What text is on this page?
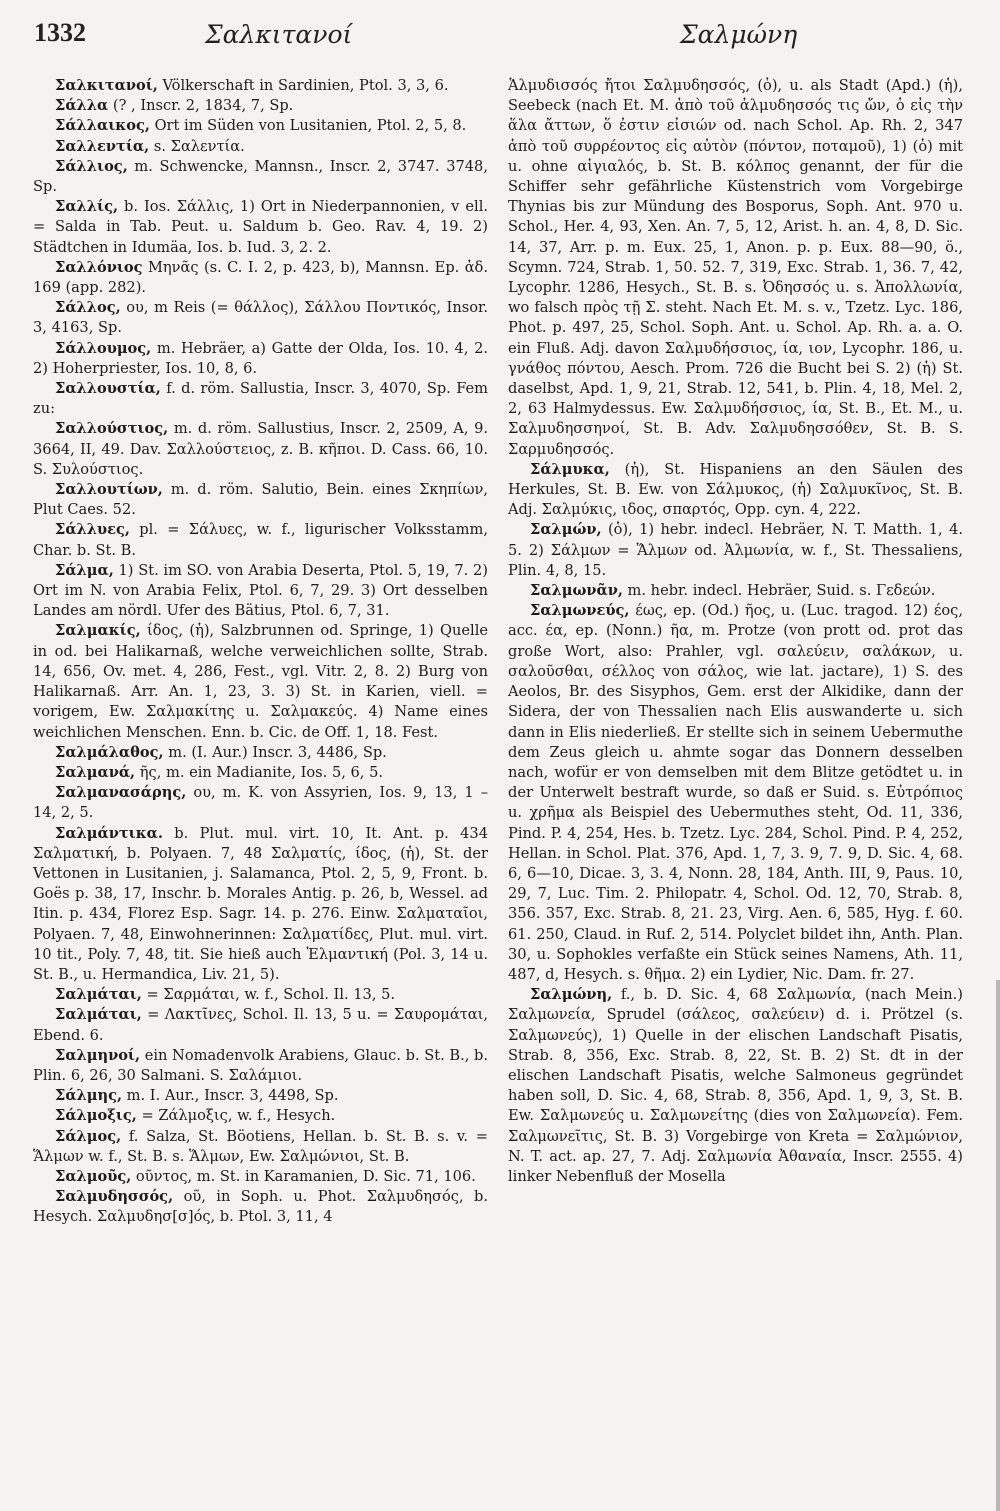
1332	Σαλκιτανοί	Σαλμώνη

Σαλκιτανοί, Völkerschaft in Sardinien, Ptol. 3, 3, 6.

Σάλλα (? , Inscr. 2, 1834, 7, Sp.

Σάλλαικος, Ort im Süden von Lusitanien, Ptol. 2, 5, 8.

Σαλλεντία, s. Σαλεντία.

Σάλλιος, m. Schwencke, Mannsn., Inscr. 2, 3747. 3748, Sp.

Σαλλίς, b. Ios. Σάλλις, 1) Ort in Niederpannonien, v ell. = Salda in Tab. Peut. u. Saldum b. Geo. Rav. 4, 19. 2) Städtchen in Idumäa, Ios. b. Iud. 3, 2. 2.

Σαλλόνιος Μηνᾶς (s. C. I. 2, p. 423, b), Mannsn. Ep. ἀδ. 169 (app. 282).

Σάλλος, ου, m Reis (= θάλλος), Σάλλου Ποντικός, Insor. 3, 4163, Sp.

Σάλλουμος, m. Hebräer, a) Gatte der Olda, Ios. 10. 4, 2. 2) Hoherpriester, Ios. 10, 8, 6.

Σαλλουστία, f. d. röm. Sallustia, Inscr. 3, 4070, Sp. Fem zu:

Σαλλούστιος, m. d. röm. Sallustius, Inscr. 2, 2509, A, 9. 3664, II, 49. Dav. Σαλλούστειος, z. B. κῆποι. D. Cass. 66, 10. S. Συλούστιος.

Σαλλουτίων, m. d. röm. Salutio, Bein. eines Σκηπίων, Plut Caes. 52.

Σάλλυες, pl. = Σάλυες, w. f., ligurischer Volksstamm, Char. b. St. B.

Σάλμα, 1) St. im SO. von Arabia Deserta, Ptol. 5, 19, 7. 2) Ort im N. von Arabia Felix, Ptol. 6, 7, 29. 3) Ort desselben Landes am nördl. Ufer des Bätius, Ptol. 6, 7, 31.

Σαλμακίς, ίδος, (ἡ), Salzbrunnen od. Springe, 1) Quelle in od. bei Halikarnaß, welche verweichlichen sollte, Strab. 14, 656, Ov. met. 4, 286, Fest., vgl. Vitr. 2, 8. 2) Burg von Halikarnaß. Arr. An. 1, 23, 3. 3) St. in Karien, viell. = vorigem, Ew. Σαλμακίτης u. Σαλμακεύς. 4) Name eines weichlichen Menschen. Enn. b. Cic. de Off. 1, 18. Fest.

Σαλμάλαθος, m. (I. Aur.) Inscr. 3, 4486, Sp.

Σαλμανά, ῆς, m. ein Madianite, Ios. 5, 6, 5.

Σαλμανασάρης, ου, m. K. von Assyrien, Ios. 9, 13, 1 – 14, 2, 5.

Σαλμάντικα. b. Plut. mul. virt. 10, It. Ant. p. 434 Σαλματική, b. Polyaen. 7, 48 Σαλματίς, ίδος, (ἡ), St. der Vettonen in Lusitanien, j. Salamanca, Ptol. 2, 5, 9, Front. b. Goës p. 38, 17, Inschr. b. Morales Antig. p. 26, b, Wessel. ad Itin. p. 434, Florez Esp. Sagr. 14. p. 276. Einw. Σαλματαῖοι, Polyaen. 7, 48, Einwohnerinnen: Σαλματίδες, Plut. mul. virt. 10 tit., Poly. 7, 48, tit. Sie hieß auch Ἑλμαντική (Pol. 3, 14 u. St. B., u. Hermandica, Liv. 21, 5).

Σαλμάται, = Σαρμάται, w. f., Schol. Il. 13, 5.

Σαλμάται, = Λακτῖνες, Schol. Il. 13, 5 u. = Σαυρομάται, Ebend. 6.

Σαλμηνοί, ein Nomadenvolk Arabiens, Glauc. b. St. B., b. Plin. 6, 26, 30 Salmani. S. Σαλάμιοι.

Σάλμης, m. I. Aur., Inscr. 3, 4498, Sp.

Σάλμοξις, = Ζάλμοξις, w. f., Hesych.

Σάλμος, f. Salza, St. Böotiens, Hellan. b. St. B. s. v. = Ἅλμων w. f., St. B. s. Ἅλμων, Ew. Σαλμώνιοι, St. B.

Σαλμοῦς, οῦντος, m. St. in Karamanien, D. Sic. 71, 106.

Σαλμυδησσός, οῦ, in Soph. u. Phot. Σαλμυδησός, b. Hesych. Σαλμυδησ[σ]ός, b. Ptol. 3, 11, 4

Ἁλμυδισσός ἤτοι Σαλμυδησσός, (ὁ), u. als Stadt (Apd.) (ἡ), Seebeck (nach Et. M. ἀπὸ τοῦ ἁλμυδησσός τις ὤν, ὁ εἰς τὴν ἅλα ἄττων, ὅ ἐστιν εἰσιών od. nach Schol. Ap. Rh. 2, 347 ἀπὸ τοῦ συρρέοντος εἰς αὐτὸν (πόντον, ποταμοῦ), 1) (ὁ) mit u. ohne αἰγιαλός, b. St. B. κόλπος genannt, der für die Schiffer sehr gefährliche Küstenstrich vom Vorgebirge Thynias bis zur Mündung des Bosporus, Soph. Ant. 970 u. Schol., Her. 4, 93, Xen. An. 7, 5, 12, Arist. h. an. 4, 8, D. Sic. 14, 37, Arr. p. m. Eux. 25, 1, Anon. p. p. Eux. 88—90, ö., Scymn. 724, Strab. 1, 50. 52. 7, 319, Exc. Strab. 1, 36. 7, 42, Lycophr. 1286, Hesych., St. B. s. Ὀδησσός u. s. Ἀπολλωνία, wo falsch πρὸς τῇ Σ. steht. Nach Et. M. s. v., Tzetz. Lyc. 186, Phot. p. 497, 25, Schol. Soph. Ant. u. Schol. Ap. Rh. a. a. O. ein Fluß. Adj. davon Σαλμυδήσσιος, ία, ιον, Lycophr. 186, u. γνάθος πόντου, Aesch. Prom. 726 die Bucht bei S. 2) (ἡ) St. daselbst, Apd. 1, 9, 21, Strab. 12, 541, b. Plin. 4, 18, Mel. 2, 2, 63 Halmydessus. Ew. Σαλμυδήσσιος, ία, St. B., Et. M., u. Σαλμυδησσηνοί, St. B. Adv. Σαλμυδησσόθεν, St. B. S. Σαρμυδησσός.

Σάλμυκα, (ἡ), St. Hispaniens an den Säulen des Herkules, St. B. Ew. von Σάλμυκος, (ἡ) Σαλμυκῖνος, St. B. Adj. Σαλμύκις, ιδος, σπαρτός, Opp. cyn. 4, 222.

Σαλμών, (ὁ), 1) hebr. indecl. Hebräer, N. T. Matth. 1, 4. 5. 2) Σάλμων = Ἅλμων od. Ἀλμωνία, w. f., St. Thessaliens, Plin. 4, 8, 15.

Σαλμωνᾶν, m. hebr. indecl. Hebräer, Suid. s. Γεδεών.

Σαλμωνεύς, έως, ep. (Od.) ῆος, u. (Luc. tragod. 12) έος, acc. έα, ep. (Nonn.) ῆα, m. Protze (von prott od. prot das große Wort, also: Prahler, vgl. σαλεύειν, σαλάκων, u. σαλοῦσθαι, σέλλος von σάλος, wie lat. jactare), 1) S. des Aeolos, Br. des Sisyphos, Gem. erst der Alkidike, dann der Sidera, der von Thessalien nach Elis auswanderte u. sich dann in Elis niederließ. Er stellte sich in seinem Uebermuthe dem Zeus gleich u. ahmte sogar das Donnern desselben nach, wofür er von demselben mit dem Blitze getödtet u. in der Unterwelt bestraft wurde, so daß er Suid. s. Εὐτρόπιος u. χρῆμα als Beispiel des Uebermuthes steht, Od. 11, 336, Pind. P. 4, 254, Hes. b. Tzetz. Lyc. 284, Schol. Pind. P. 4, 252, Hellan. in Schol. Plat. 376, Apd. 1, 7, 3. 9, 7. 9, D. Sic. 4, 68. 6, 6—10, Dicae. 3, 3. 4, Nonn. 28, 184, Anth. III, 9, Paus. 10, 29, 7, Luc. Tim. 2. Philopatr. 4, Schol. Od. 12, 70, Strab. 8, 356. 357, Exc. Strab. 8, 21. 23, Virg. Aen. 6, 585, Hyg. f. 60. 61. 250, Claud. in Ruf. 2, 514. Polyclet bildet ihn, Anth. Plan. 30, u. Sophokles verfaßte ein Stück seines Namens, Ath. 11, 487, d, Hesych. s. θῆμα. 2) ein Lydier, Nic. Dam. fr. 27.

Σαλμώνη, f., b. D. Sic. 4, 68 Σαλμωνία, (nach Mein.) Σαλμωνεία, Sprudel (σάλεος, σαλεύειν) d. i. Prötzel (s. Σαλμωνεύς), 1) Quelle in der elischen Landschaft Pisatis, Strab. 8, 356, Exc. Strab. 8, 22, St. B. 2) St. dt in der elischen Landschaft Pisatis, welche Salmoneus gegründet haben soll, D. Sic. 4, 68, Strab. 8, 356, Apd. 1, 9, 3, St. B. Ew. Σαλμωνεύς u. Σαλμωνείτης (dies von Σαλμωνεία). Fem. Σαλμωνεῖτις, St. B. 3) Vorgebirge von Kreta = Σαλμώνιον, N. T. act. ap. 27, 7. Adj. Σαλμωνία Ἀθαναία, Inscr. 2555. 4) linker Nebenfluß der Mosella
